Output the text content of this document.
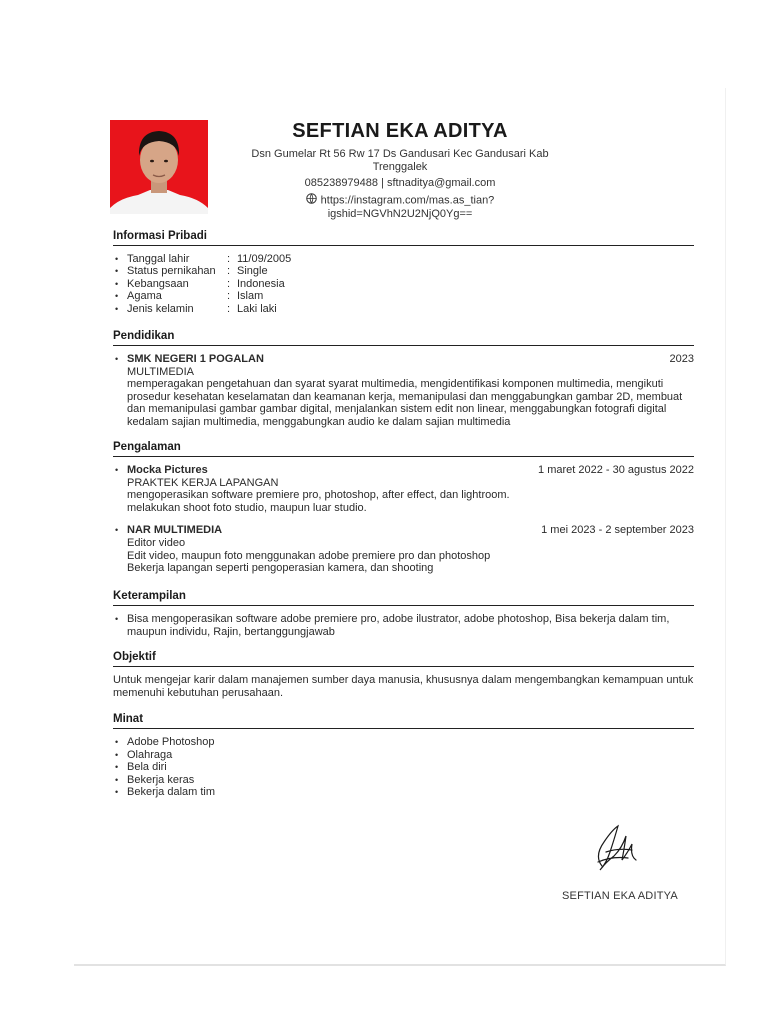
SEFTIAN EKA ADITYA
Dsn Gumelar Rt 56 Rw 17 Ds Gandusari Kec Gandusari Kab
Trenggalek
085238979488 | sftnaditya@gmail.com
https://instagram.com/mas.as_tian?
igshid=NGVhN2U2NjQ0Yg==
Informasi Pribadi
• Tanggal lahir	: 11/09/2005
• Status pernikahan	: Single
• Kebangsaan	: Indonesia
• Agama	: Islam
• Jenis kelamin	: Laki laki
Pendidikan
• SMK NEGERI 1 POGALAN	2023
MULTIMEDIA
memperagakan pengetahuan dan syarat syarat multimedia, mengidentifikasi komponen multimedia, mengikuti prosedur kesehatan keselamatan dan keamanan kerja, memanipulasi dan menggabungkan gambar 2D, membuat dan memanipulasi gambar gambar digital, menjalankan sistem edit non linear, menggabungkan fotografi digital kedalam sajian multimedia, menggabungkan audio ke dalam sajian multimedia
Pengalaman
• Mocka Pictures	1 maret 2022 - 30 agustus 2022
PRAKTEK KERJA LAPANGAN
mengoperasikan software premiere pro, photoshop, after effect, dan lightroom.
melakukan shoot foto studio, maupun luar studio.
• NAR MULTIMEDIA	1 mei 2023 - 2 september 2023
Editor video
Edit video, maupun foto menggunakan adobe premiere pro dan photoshop
Bekerja lapangan seperti pengoperasian kamera, dan shooting
Keterampilan
• Bisa mengoperasikan software adobe premiere pro, adobe ilustrator, adobe photoshop, Bisa bekerja dalam tim, maupun individu, Rajin, bertanggungjawab
Objektif
Untuk mengejar karir dalam manajemen sumber daya manusia, khususnya dalam mengembangkan kemampuan untuk memenuhi kebutuhan perusahaan.
Minat
• Adobe Photoshop
• Olahraga
• Bela diri
• Bekerja keras
• Bekerja dalam tim
SEFTIAN EKA ADITYA
